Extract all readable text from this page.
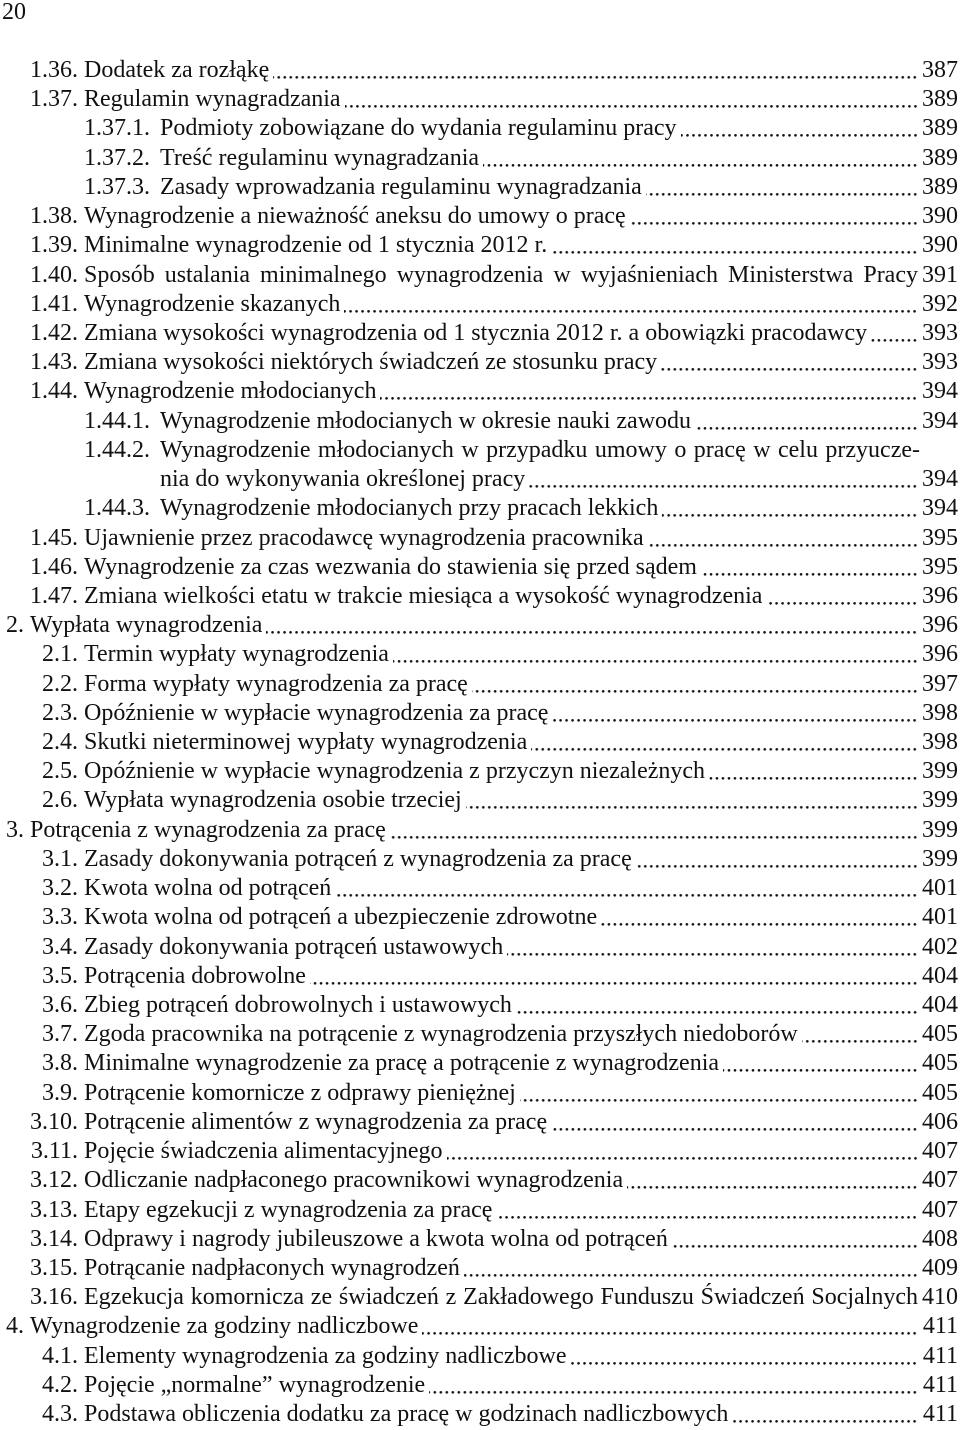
20
1.36. Dodatek za rozłąkę	387
1.37. Regulamin wynagradzania	389
1.37.1. Podmioty zobowiązane do wydania regulaminu pracy	389
1.37.2. Treść regulaminu wynagradzania	389
1.37.3. Zasady wprowadzania regulaminu wynagradzania	389
1.38. Wynagrodzenie a nieważność aneksu do umowy o pracę	390
1.39. Minimalne wynagrodzenie od 1 stycznia 2012 r.	390
1.40. Sposób ustalania minimalnego wynagrodzenia w wyjaśnieniach Ministerstwa Pracy 391
1.41. Wynagrodzenie skazanych	392
1.42. Zmiana wysokości wynagrodzenia od 1 stycznia 2012 r. a obowiązki pracodawcy 393
1.43. Zmiana wysokości niektórych świadczeń ze stosunku pracy	393
1.44. Wynagrodzenie młodocianych	394
1.44.1. Wynagrodzenie młodocianych w okresie nauki zawodu	394
1.44.2. Wynagrodzenie młodocianych w przypadku umowy o pracę w celu przyucze-
nia do wykonywania określonej pracy	394
1.44.3. Wynagrodzenie młodocianych przy pracach lekkich	394
1.45. Ujawnienie przez pracodawcę wynagrodzenia pracownika	395
1.46. Wynagrodzenie za czas wezwania do stawienia się przed sądem	395
1.47. Zmiana wielkości etatu w trakcie miesiąca a wysokość wynagrodzenia	396
2. Wypłata wynagrodzenia	396
2.1. Termin wypłaty wynagrodzenia	396
2.2. Forma wypłaty wynagrodzenia za pracę	397
2.3. Opóźnienie w wypłacie wynagrodzenia za pracę	398
2.4. Skutki nieterminowej wypłaty wynagrodzenia	398
2.5. Opóźnienie w wypłacie wynagrodzenia z przyczyn niezależnych	399
2.6. Wypłata wynagrodzenia osobie trzeciej	399
3. Potrącenia z wynagrodzenia za pracę	399
3.1. Zasady dokonywania potrąceń z wynagrodzenia za pracę	399
3.2. Kwota wolna od potrąceń	401
3.3. Kwota wolna od potrąceń a ubezpieczenie zdrowotne	401
3.4. Zasady dokonywania potrąceń ustawowych	402
3.5. Potrącenia dobrowolne	404
3.6. Zbieg potrąceń dobrowolnych i ustawowych	404
3.7. Zgoda pracownika na potrącenie z wynagrodzenia przyszłych niedoborów	405
3.8. Minimalne wynagrodzenie za pracę a potrącenie z wynagrodzenia	405
3.9. Potrącenie komornicze z odprawy pieniężnej	405
3.10. Potrącenie alimentów z wynagrodzenia za pracę	406
3.11. Pojęcie świadczenia alimentacyjnego	407
3.12. Odliczanie nadpłaconego pracownikowi wynagrodzenia	407
3.13. Etapy egzekucji z wynagrodzenia za pracę	407
3.14. Odprawy i nagrody jubileuszowe a kwota wolna od potrąceń	408
3.15. Potrącanie nadpłaconych wynagrodzeń	409
3.16. Egzekucja komornicza ze świadczeń z Zakładowego Funduszu Świadczeń Socjalnych 410
4. Wynagrodzenie za godziny nadliczbowe	411
4.1. Elementy wynagrodzenia za godziny nadliczbowe	411
4.2. Pojęcie „normalne” wynagrodzenie	411
4.3. Podstawa obliczenia dodatku za pracę w godzinach nadliczbowych	411
